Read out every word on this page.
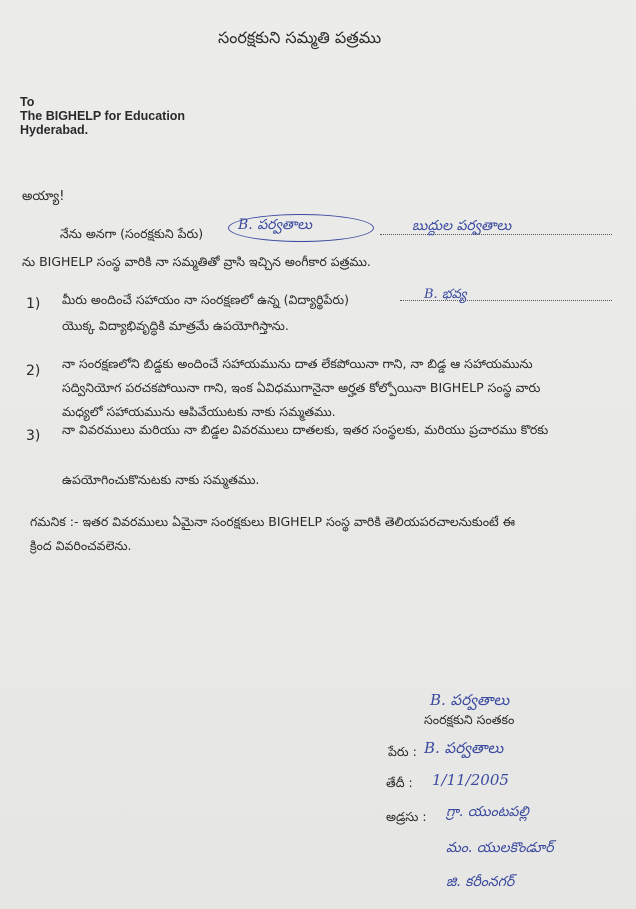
సంరక్షకుని సమ్మతి పత్రము
To
The BIGHELP for Education
Hyderabad.
అయ్యా!
నేను అనగా (సంరక్షకుని పేరు)
B. పర్వతాలు	బుద్దుల పర్వతాలు
ను BIGHELP సంస్థ వారికి నా సమ్మతితో వ్రాసి ఇచ్చిన అంగీకార పత్రము.
1) మీరు అందించే సహాయం నా సంరక్షణలో ఉన్న (విద్యార్థిపేరు)	B. భవ్య
యొక్క విద్యాభివృద్ధికి మాత్రమే ఉపయోగిస్తాను.
2) నా సంరక్షణలోని బిడ్డకు అందించే సహాయమును దాత లేకపోయినా గాని, నా బిడ్డ ఆ సహాయమును
సద్వినియోగ పరచకపోయినా గాని, ఇంక ఏవిధముగానైనా అర్హత కోల్పోయినా BIGHELP సంస్థ వారు
మధ్యలో సహాయమును ఆపివేయుటకు నాకు సమ్మతము.
3) నా వివరములు మరియు నా బిడ్డల వివరములు దాతలకు, ఇతర సంస్థలకు, మరియు ప్రచారము కొరకు
ఉపయోగించుకొనుటకు నాకు సమ్మతము.
గమనిక :- ఇతర వివరములు ఏమైనా సంరక్షకులు BIGHELP సంస్థ వారికి తెలియపరచాలనుకుంటే ఈ
క్రింద వివరించవలెను.
B. పర్వతాలు
సంరక్షకుని సంతకం
పేరు : B. పర్వతాలు
తేదీ : 1/11/2005
అడ్రసు : గ్రా. యుంటపల్లి
మం. యులకొండూర్
జి. కరీంనగర్
